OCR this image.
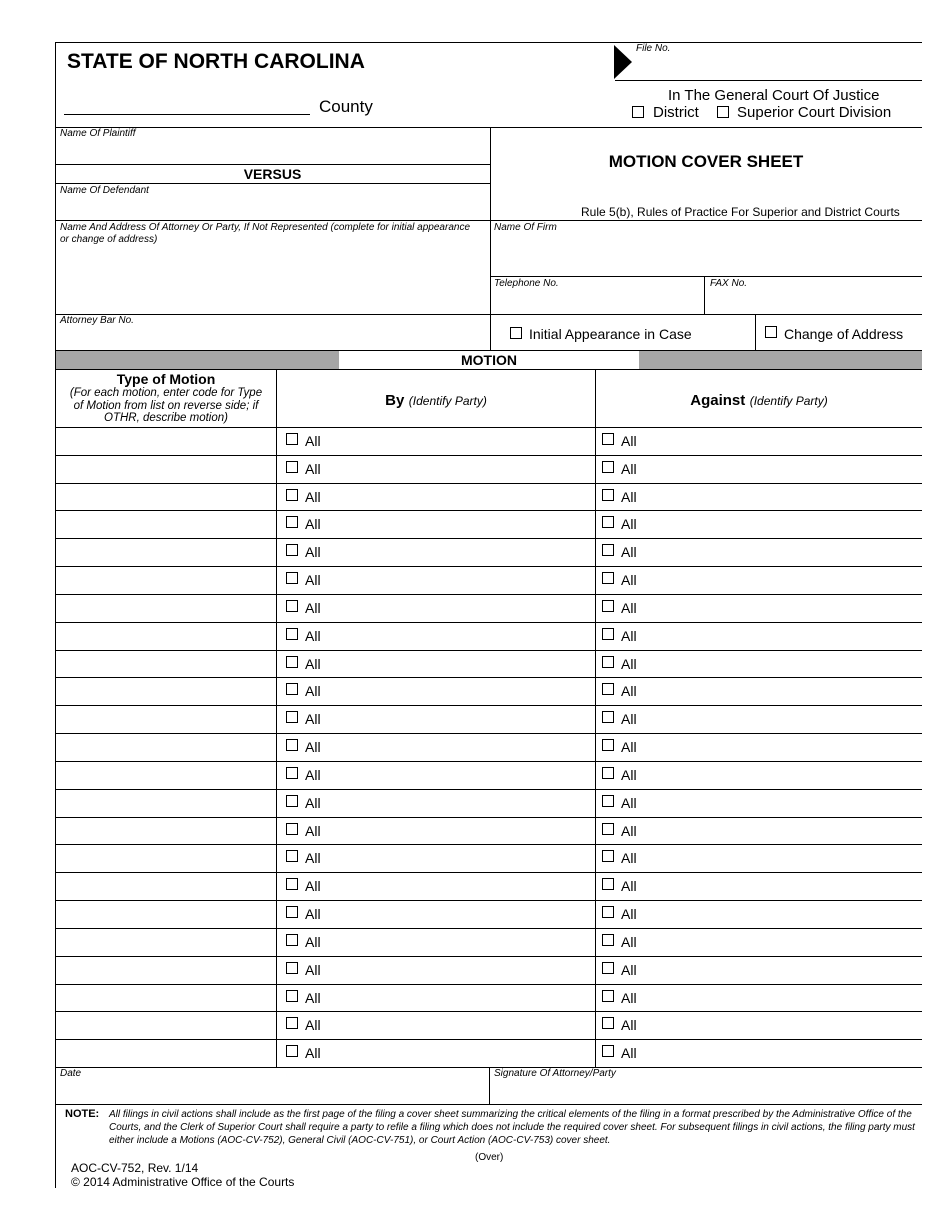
STATE OF NORTH CAROLINA
County
File No.
In The General Court Of Justice
District	Superior Court Division
Name Of Plaintiff
VERSUS
Name Of Defendant
MOTION COVER SHEET
Rule 5(b), Rules of Practice For Superior and District Courts
Name And Address Of Attorney Or Party, If Not Represented (complete for initial appearance or change of address)
Name Of Firm
Telephone No.	FAX No.
Attorney Bar No.
Initial Appearance in Case	Change of Address
MOTION
Type of Motion
(For each motion, enter code for Type of Motion from list on reverse side; if OTHR, describe motion)
By (Identify Party)	Against (Identify Party)
All	All
All	All
All	All
All	All
All	All
All	All
All	All
All	All
All	All
All	All
All	All
All	All
All	All
All	All
All	All
All	All
All	All
All	All
All	All
All	All
All	All
All	All
All	All
Date	Signature Of Attorney/Party
NOTE: All filings in civil actions shall include as the first page of the filing a cover sheet summarizing the critical elements of the filing in a format prescribed by the Administrative Office of the Courts, and the Clerk of Superior Court shall require a party to refile a filing which does not include the required cover sheet. For subsequent filings in civil actions, the filing party must either include a Motions (AOC-CV-752), General Civil (AOC-CV-751), or Court Action (AOC-CV-753) cover sheet.
(Over)
AOC-CV-752, Rev. 1/14
© 2014 Administrative Office of the Courts
